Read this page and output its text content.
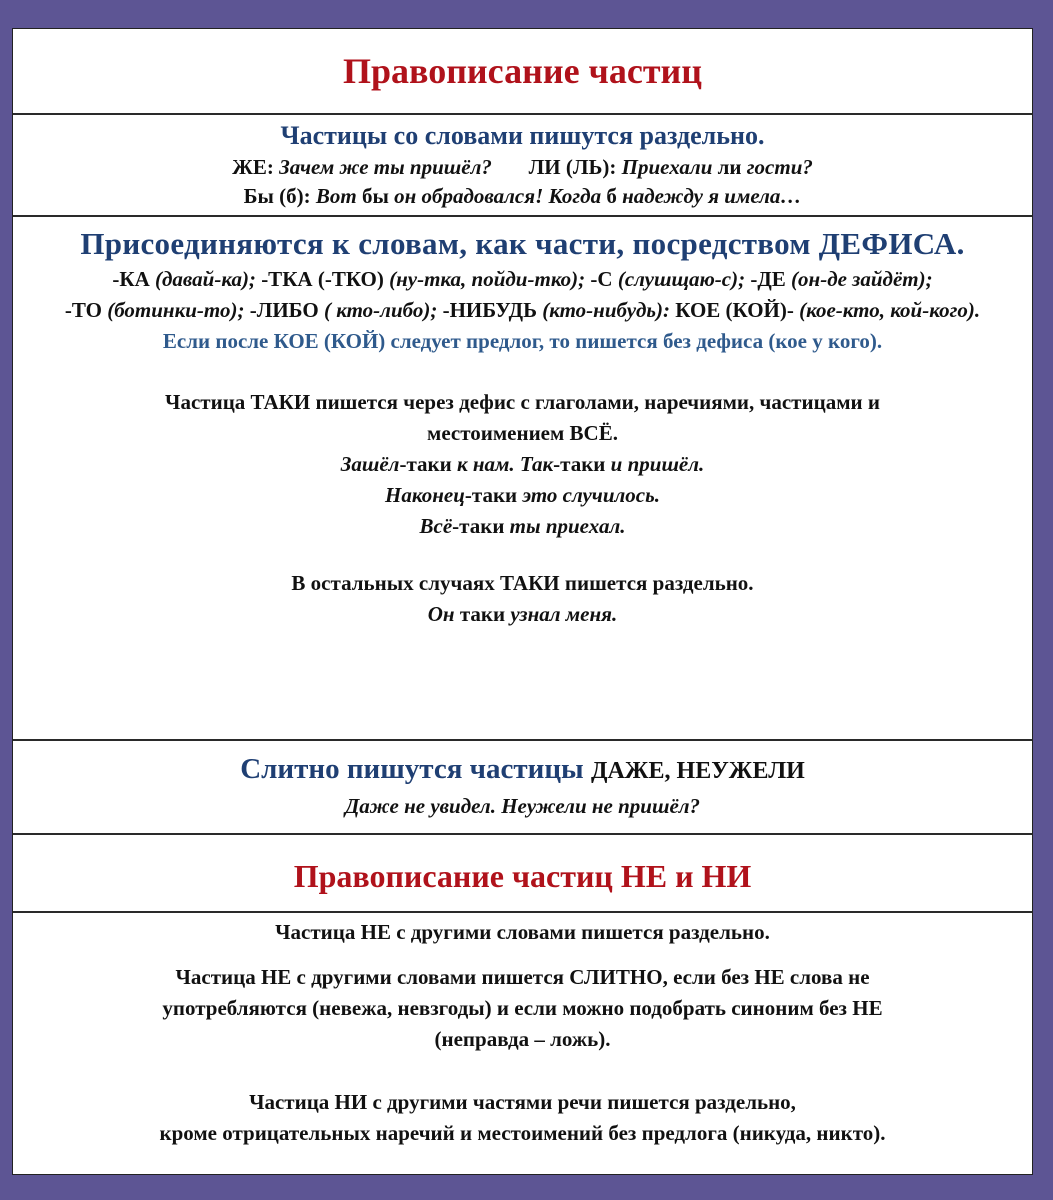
Правописание частиц

Частицы со словами пишутся раздельно.

ЖЕ: Зачем же ты пришёл? ЛИ (ЛЬ): Приехали ли гости?

Бы (б): Вот бы он обрадовался! Когда б надежду я имела…

Присоединяются к словам, как части, посредством ДЕФИСА.

-КА (давай-ка); -ТКА (-ТКО) (ну-тка, пойди-тко); -С (слушщаю-с); -ДЕ (он-де зайдёт);

-ТО (ботинки-то); -ЛИБО ( кто-либо); -НИБУДЬ (кто-нибудь): КОЕ (КОЙ)- (кое-кто, кой-кого).

Если после КОЕ (КОЙ) следует предлог, то пишется без дефиса (кое у кого).

Частица ТАКИ пишется через дефис с глаголами, наречиями, частицами и

местоимением ВСЁ.

Зашёл-таки к нам. Так-таки и пришёл.

Наконец-таки это случилось.

Всё-таки ты приехал.

В остальных случаях ТАКИ пишется раздельно.

Он таки узнал меня.

Слитно пишутся частицы ДАЖЕ, НЕУЖЕЛИ

Даже не увидел. Неужели не пришёл?

Правописание частиц НЕ и НИ

Частица НЕ с другими словами пишется раздельно.

Частица НЕ с другими словами пишется СЛИТНО, если без НЕ слова не

употребляются (невежа, невзгоды) и если можно подобрать синоним без НЕ

(неправда – ложь).

Частица НИ с другими частями речи пишется раздельно,

кроме отрицательных наречий и местоимений без предлога (никуда, никто).
